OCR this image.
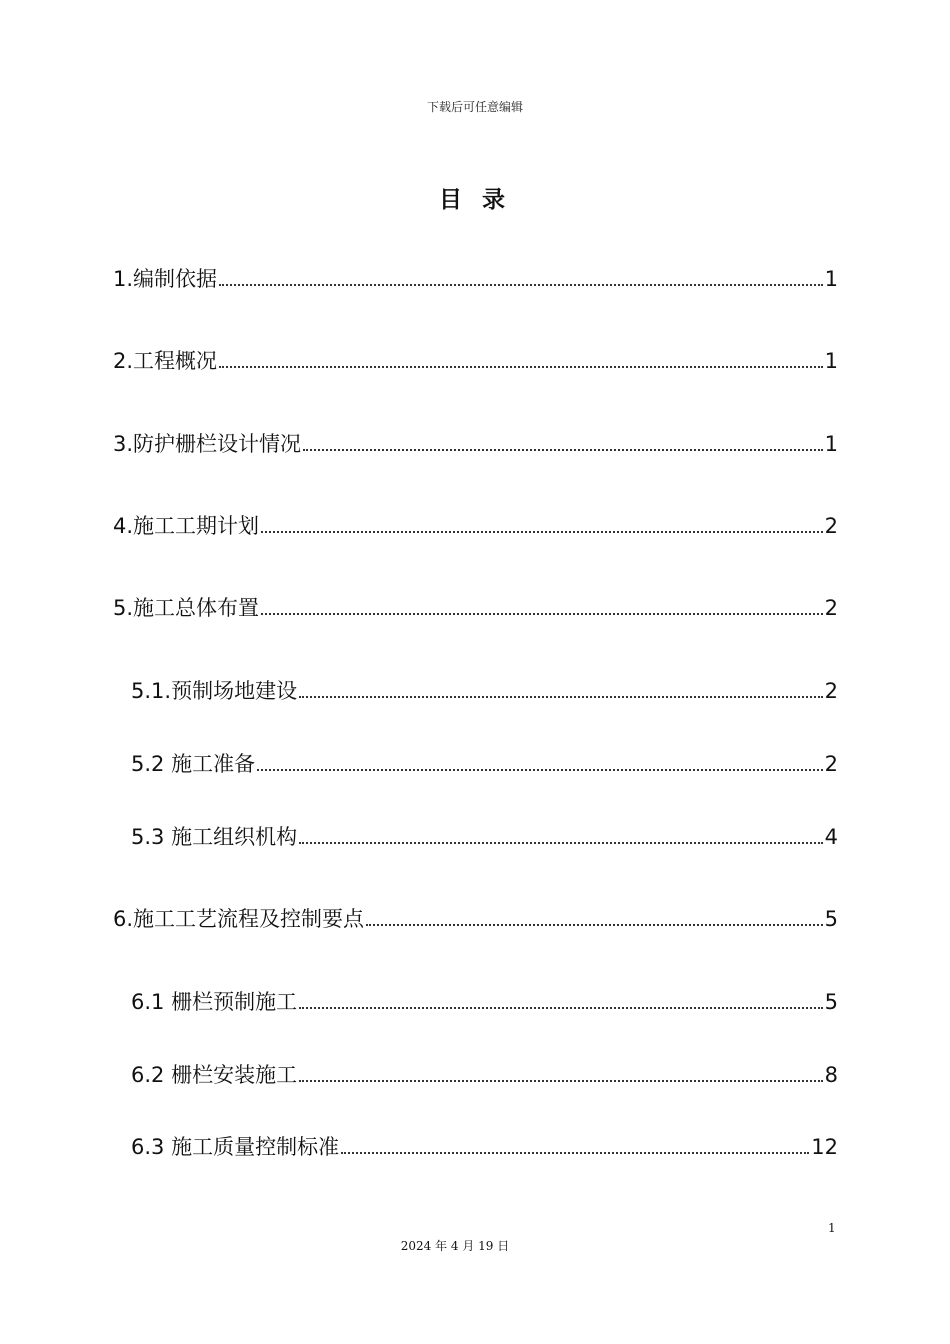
下载后可任意编辑
目 录
1.编制依据	1
2.工程概况	1
3.防护栅栏设计情况	1
4.施工工期计划	2
5.施工总体布置	2
5.1.预制场地建设	2
5.2 施工准备	2
5.3 施工组织机构	4
6.施工工艺流程及控制要点	5
6.1 栅栏预制施工	5
6.2 栅栏安装施工	8
6.3 施工质量控制标准	12
1
2024 年 4 月 19 日
